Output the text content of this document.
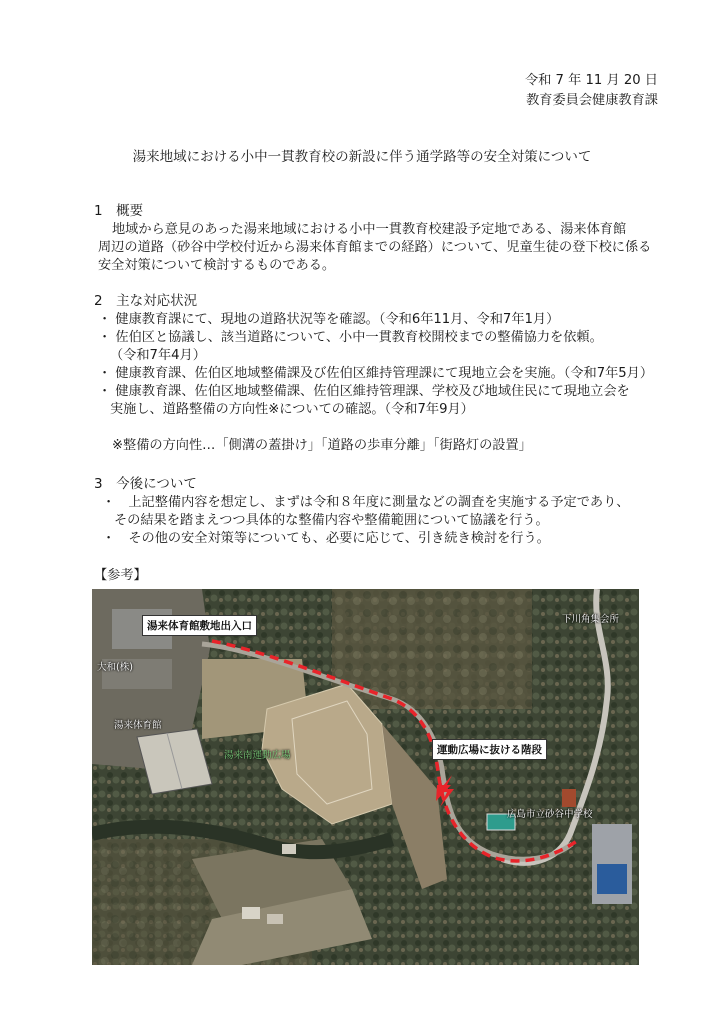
令和 7 年 11 月 20 日
教育委員会健康教育課
湯来地域における小中一貫教育校の新設に伴う通学路等の安全対策について
1　概要
地域から意見のあった湯来地域における小中一貫教育校建設予定地である、湯来体育館
周辺の道路（砂谷中学校付近から湯来体育館までの経路）について、児童生徒の登下校に係る
安全対策について検討するものである。
2　主な対応状況
・ 健康教育課にて、現地の道路状況等を確認。（令和6年11月、令和7年1月）
・ 佐伯区と協議し、該当道路について、小中一貫教育校開校までの整備協力を依頼。
（令和7年4月）
・ 健康教育課、佐伯区地域整備課及び佐伯区維持管理課にて現地立会を実施。（令和7年5月）
・ 健康教育課、佐伯区地域整備課、佐伯区維持管理課、学校及び地域住民にて現地立会を
実施し、道路整備の方向性※についての確認。（令和7年9月）
※整備の方向性…「側溝の蓋掛け」「道路の歩車分離」「街路灯の設置」
3　今後について
・　上記整備内容を想定し、まずは令和８年度に測量などの調査を実施する予定であり、
その結果を踏まえつつ具体的な整備内容や整備範囲について協議を行う。
・　その他の安全対策等についても、必要に応じて、引き続き検討を行う。
【参考】
湯来体育館敷地出入口
運動広場に抜ける階段
下川角集会所
大和(株)
湯来体育館
湯来南運動広場
広島市立砂谷中学校
